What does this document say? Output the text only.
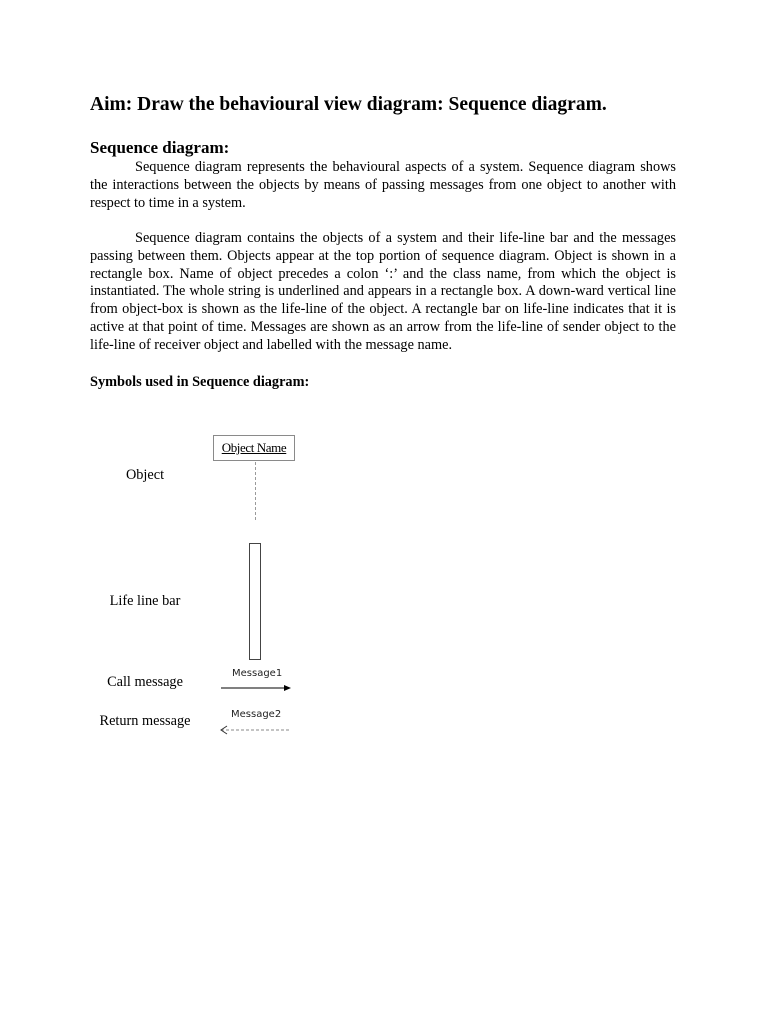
Aim: Draw the behavioural view diagram: Sequence diagram.
Sequence diagram:

Sequence diagram represents the behavioural aspects of a system. Sequence diagram shows the interactions between the objects by means of passing messages from one object to another with respect to time in a system.

Sequence diagram contains the objects of a system and their life-line bar and the messages passing between them. Objects appear at the top portion of sequence diagram. Object is shown in a rectangle box. Name of object precedes a colon ‘:’ and the class name, from which the object is instantiated. The whole string is underlined and appears in a rectangle box. A down-ward vertical line from object-box is shown as the life-line of the object. A rectangle bar on life-line indicates that it is active at that point of time. Messages are shown as an arrow from the life-line of sender object to the life-line of receiver object and labelled with the message name.

Symbols used in Sequence diagram:
Object
Object Name
Life line bar
Call message
Message1
Return message	Message2
